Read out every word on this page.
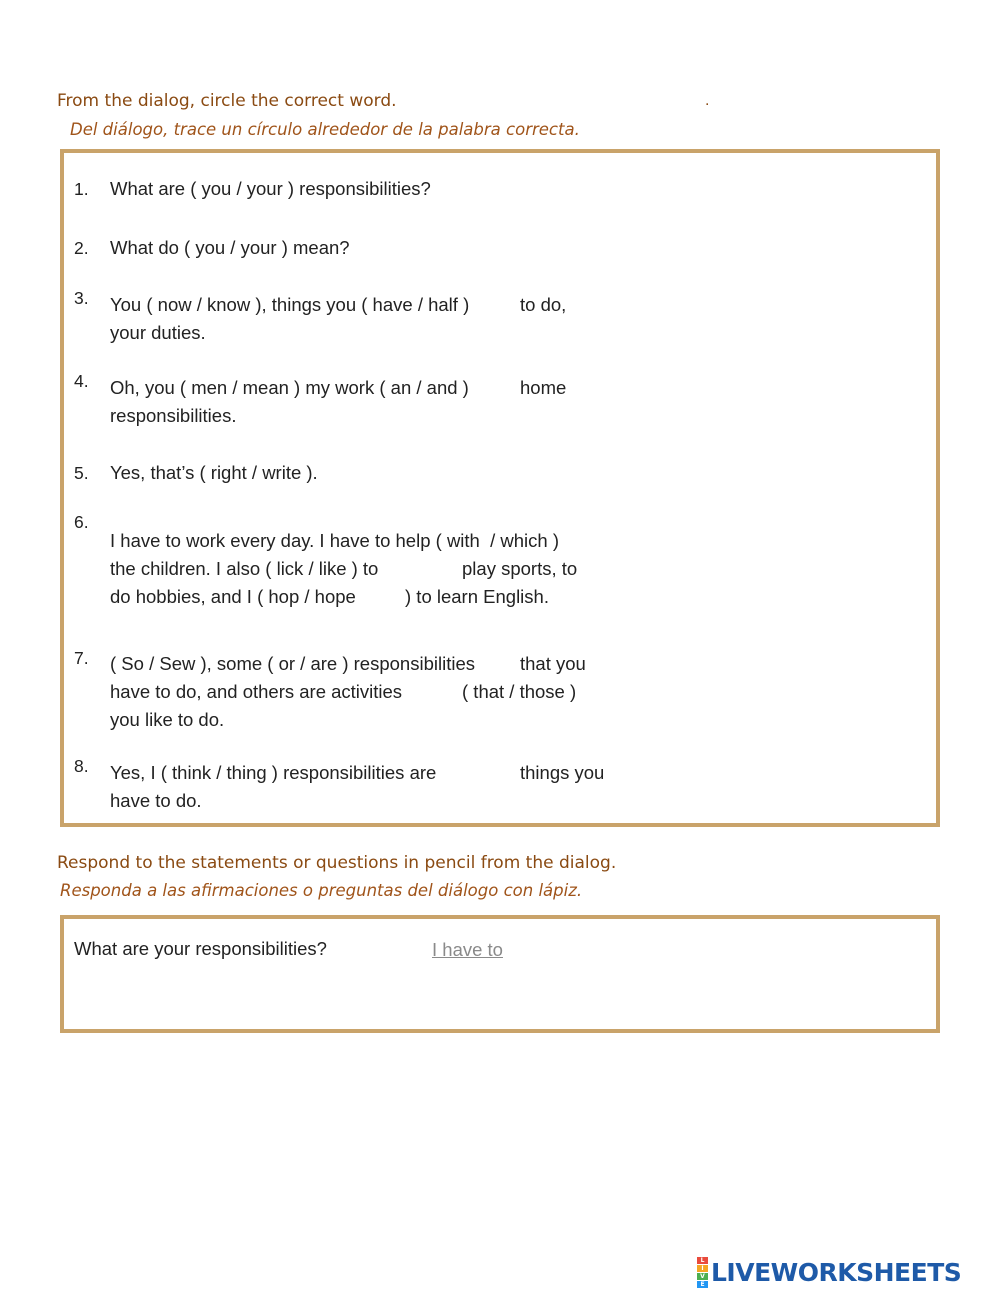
From the dialog, circle the correct word.	.
Del diálogo, trace un círculo alrededor de la palabra correcta.
1. What are ( you / your ) responsibilities?
2. What do ( you / your ) mean?
3. You ( now / know ), things you ( have / half )	to do,
your duties.
4. Oh, you ( men / mean ) my work ( an / and )	home
responsibilities.
5. Yes, that’s ( right / write ).
6.
I have to work every day. I have to help ( with  / which )
the children. I also ( lick / like ) to	play sports, to
do hobbies, and I ( hop / hope	) to learn English.
7. ( So / Sew ), some ( or / are ) responsibilities that you
have to do, and others are activities	( that / those )
you like to do.
8. Yes, I ( think / thing ) responsibilities are	things you
have to do.
Respond to the statements or questions in pencil from the dialog.
Responda a las afirmaciones o preguntas del diálogo con lápiz.
What are your responsibilities?	I have to
L
I
V
E LIVEWORKSHEETS
